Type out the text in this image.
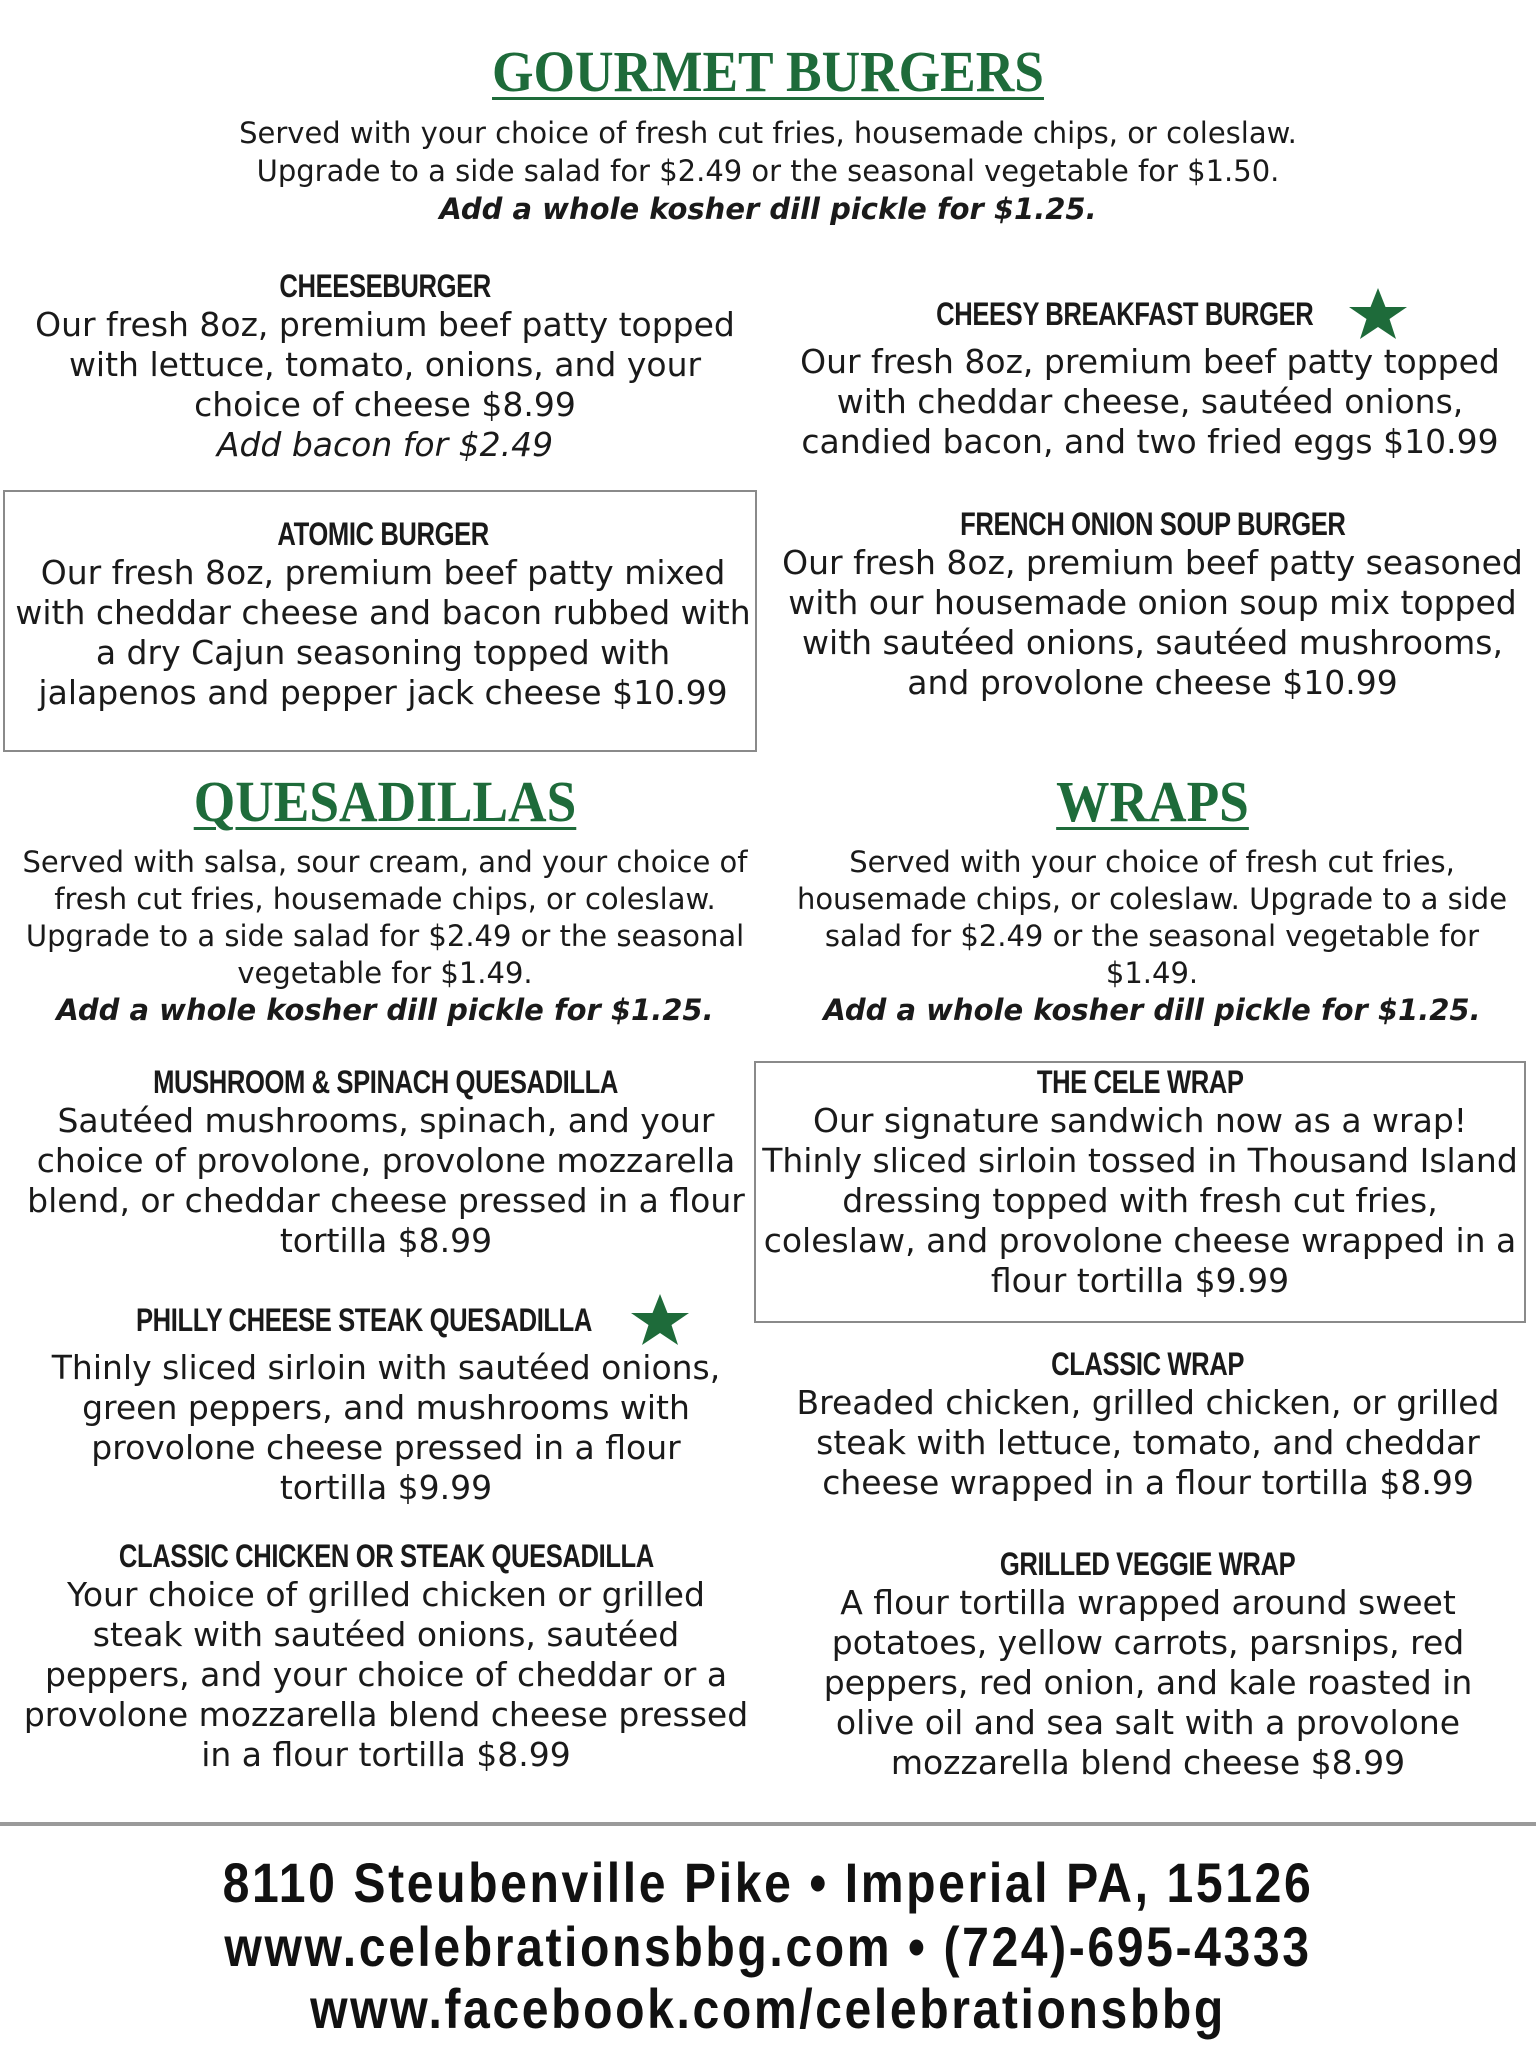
GOURMET BURGERS
Served with your choice of fresh cut fries, housemade chips, or coleslaw.
Upgrade to a side salad for $2.49 or the seasonal vegetable for $1.50.
Add a whole kosher dill pickle for $1.25.
CHEESEBURGER
Our fresh 8oz, premium beef patty topped with lettuce, tomato, onions, and your choice of cheese $8.99
Add bacon for $2.49
CHEESY BREAKFAST BURGER
Our fresh 8oz, premium beef patty topped with cheddar cheese, sautéed onions, candied bacon, and two fried eggs $10.99
ATOMIC BURGER
Our fresh 8oz, premium beef patty mixed with cheddar cheese and bacon rubbed with a dry Cajun seasoning topped with jalapenos and pepper jack cheese $10.99
FRENCH ONION SOUP BURGER
Our fresh 8oz, premium beef patty seasoned with our housemade onion soup mix topped with sautéed onions, sautéed mushrooms, and provolone cheese $10.99
QUESADILLAS
Served with salsa, sour cream, and your choice of fresh cut fries, housemade chips, or coleslaw. Upgrade to a side salad for $2.49 or the seasonal vegetable for $1.49.
Add a whole kosher dill pickle for $1.25.
MUSHROOM & SPINACH QUESADILLA
Sautéed mushrooms, spinach, and your choice of provolone, provolone mozzarella blend, or cheddar cheese pressed in a flour tortilla $8.99
PHILLY CHEESE STEAK QUESADILLA
Thinly sliced sirloin with sautéed onions, green peppers, and mushrooms with provolone cheese pressed in a flour tortilla $9.99
CLASSIC CHICKEN OR STEAK QUESADILLA
Your choice of grilled chicken or grilled steak with sautéed onions, sautéed peppers, and your choice of cheddar or a provolone mozzarella blend cheese pressed in a flour tortilla $8.99
WRAPS
Served with your choice of fresh cut fries, housemade chips, or coleslaw. Upgrade to a side salad for $2.49 or the seasonal vegetable for $1.49.
Add a whole kosher dill pickle for $1.25.
THE CELE WRAP
Our signature sandwich now as a wrap! Thinly sliced sirloin tossed in Thousand Island dressing topped with fresh cut fries, coleslaw, and provolone cheese wrapped in a flour tortilla $9.99
CLASSIC WRAP
Breaded chicken, grilled chicken, or grilled steak with lettuce, tomato, and cheddar cheese wrapped in a flour tortilla $8.99
GRILLED VEGGIE WRAP
A flour tortilla wrapped around sweet potatoes, yellow carrots, parsnips, red peppers, red onion, and kale roasted in olive oil and sea salt with a provolone mozzarella blend cheese $8.99
8110 Steubenville Pike • Imperial PA, 15126
www.celebrationsbbg.com • (724)-695-4333
www.facebook.com/celebrationsbbg
